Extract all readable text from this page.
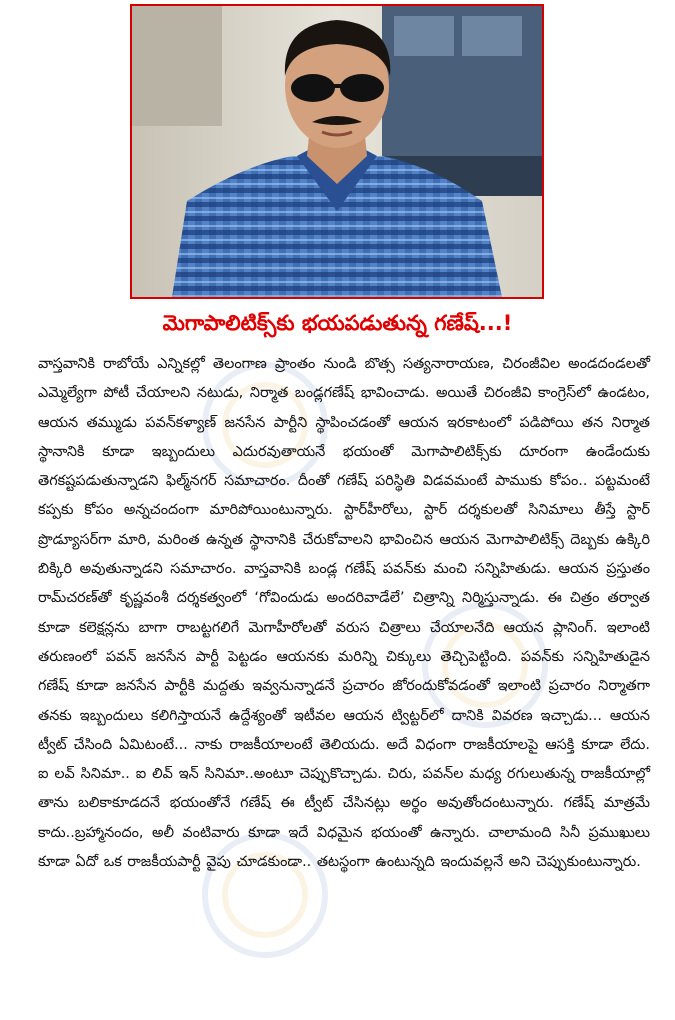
మెగాపాలిటిక్స్‌కు భయపడుతున్న గణేష్...!

వాస్తవానికి రాబోయే ఎన్నికల్లో తెలంగాణ ప్రాంతం నుండి బొత్స సత్యనారాయణ, చిరంజీవిల అండదండలతో ఎమ్మెల్యేగా పోటీ చేయాలని నటుడు, నిర్మాత బండ్లగణేష్ భావించాడు. అయితే చిరంజీవి కాంగ్రెస్‌లో ఉండటం, ఆయన తమ్ముడు పవన్‌కళ్యాణ్ జనసేన పార్టీని స్థాపించడంతో ఆయన ఇరకాటంలో పడిపోయి తన నిర్మాత స్థానానికి కూడా ఇబ్బందులు ఎదురవుతాయనే భయంతో మెగాపాలిటిక్స్‌కు దూరంగా ఉండేందుకు తెగకష్టపడుతున్నాడని ఫిల్మ్‌నగర్ సమాచారం. దీంతో గణేష్ పరిస్థితి విడవమంటే పాముకు కోపం.. పట్టమంటే కప్పకు కోపం అన్నచందంగా మారిపోయింటున్నారు. స్టార్‌హీరోలు, స్టార్ దర్శకులతో సినిమాలు తీస్తే స్టార్ ప్రొడ్యూసర్‌గా మారి, మరింత ఉన్నత స్థానానికి చేరుకోవాలని భావించిన ఆయన మెగాపాలిటిక్స్ దెబ్బకు ఉక్కిరి బిక్కిరి అవుతున్నాడని సమాచారం. వాస్తవానికి బండ్ల గణేష్ పవన్‌కు మంచి సన్నిహితుడు. ఆయన ప్రస్తుతం రామ్‌చరణ్‌తో కృష్ణవంశీ దర్శకత్వంలో ‘గోవిందుడు అందరివాడేలే’ చిత్రాన్ని నిర్మిస్తున్నాడు. ఈ చిత్రం తర్వాత కూడా కలెక్షన్లను బాగా రాబట్టగలిగే మెగాహీరోలతో వరుస చిత్రాలు చేయాలనేది ఆయన ప్లానింగ్. ఇలాంటి తరుణంలో పవన్ జనసేన పార్టీ పెట్టడం ఆయనకు మరిన్ని చిక్కులు తెచ్చిపెట్టింది. పవన్‌కు సన్నిహితుడైన గణేష్ కూడా జనసేన పార్టీకి మద్దతు ఇవ్వనున్నాడనే ప్రచారం జోరందుకోవడంతో ఇలాంటి ప్రచారం నిర్మాతగా తనకు ఇబ్బందులు కలిగిస్తాయనే ఉద్దేశ్యంతో ఇటీవల ఆయన ట్విట్టర్‌లో దానికి వివరణ ఇచ్చాడు... ఆయన ట్వీట్ చేసింది ఏమిటంటే... నాకు రాజకీయాలంటే తెలియదు. అదే విధంగా రాజకీయాలపై ఆసక్తి కూడా లేదు. ఐ లవ్ సినిమా.. ఐ లివ్ ఇన్ సినిమా..అంటూ చెప్పుకొచ్చాడు. చిరు, పవన్‌ల మధ్య రగులుతున్న రాజకీయాల్లో తాను బలికాకూడదనే భయంతోనే గణేష్ ఈ ట్వీట్ చేసినట్లు అర్థం అవుతోందంటున్నారు. గణేష్ మాత్రమే కాదు..బ్రహ్మానందం, అలీ వంటివారు కూడా ఇదే విధమైన భయంతో ఉన్నారు. చాలామంది సినీ ప్రముఖులు కూడా ఏదో ఒక రాజకీయపార్టీ వైపు చూడకుండా.. తటస్థంగా ఉంటున్నది ఇందువల్లనే అని చెప్పుకుంటున్నారు.
